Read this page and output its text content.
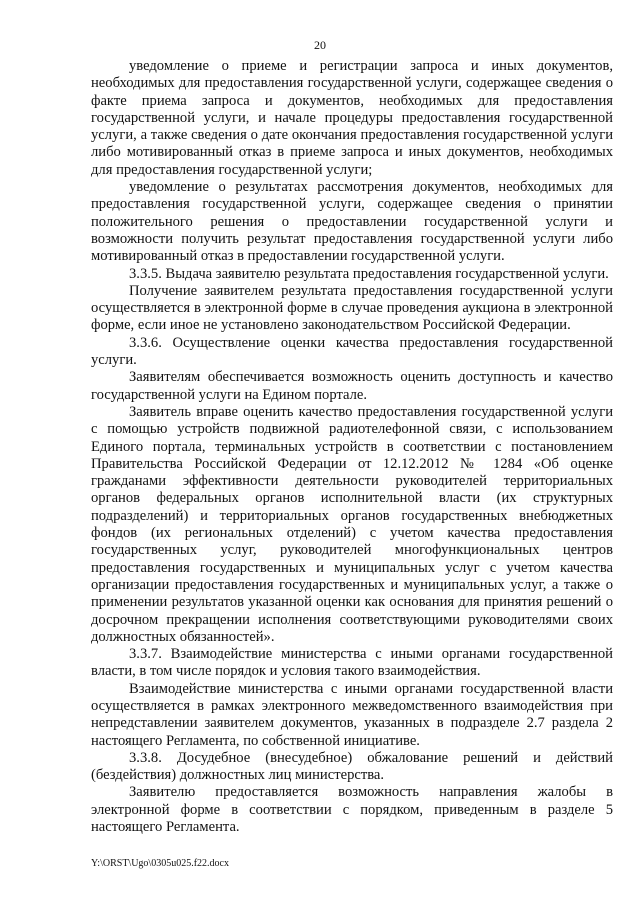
20

уведомление о приеме и регистрации запроса и иных документов, необходимых для предоставления государственной услуги, содержащее сведения о факте приема запроса и документов, необходимых для предоставления государственной услуги, и начале процедуры предоставления государственной услуги, а также сведения о дате окончания предоставления государственной услуги либо мотивированный отказ в приеме запроса и иных документов, необходимых для предоставления государственной услуги;

уведомление о результатах рассмотрения документов, необходимых для предоставления государственной услуги, содержащее сведения о принятии положительного решения о предоставлении государственной услуги и возможности получить результат предоставления государственной услуги либо мотивированный отказ в предоставлении государственной услуги.

3.3.5. Выдача заявителю результата предоставления государственной услуги.

Получение заявителем результата предоставления государственной услуги осуществляется в электронной форме в случае проведения аукциона в электронной форме, если иное не установлено законодательством Российской Федерации.

3.3.6. Осуществление оценки качества предоставления государственной услуги.

Заявителям обеспечивается возможность оценить доступность и качество государственной услуги на Едином портале.

Заявитель вправе оценить качество предоставления государственной услуги с помощью устройств подвижной радиотелефонной связи, с использованием Единого портала, терминальных устройств в соответствии с постановлением Правительства Российской Федерации от 12.12.2012 № 1284 «Об оценке гражданами эффективности деятельности руководителей территориальных органов федеральных органов исполнительной власти (их структурных подразделений) и территориальных органов государственных внебюджетных фондов (их региональных отделений) с учетом качества предоставления государственных услуг, руководителей многофункциональных центров предоставления государственных и муниципальных услуг с учетом качества организации предоставления государственных и муниципальных услуг, а также о применении результатов указанной оценки как основания для принятия решений о досрочном прекращении исполнения соответствующими руководителями своих должностных обязанностей».

3.3.7. Взаимодействие министерства с иными органами государственной власти, в том числе порядок и условия такого взаимодействия.

Взаимодействие министерства с иными органами государственной власти осуществляется в рамках электронного межведомственного взаимодействия при непредставлении заявителем документов, указанных в подразделе 2.7 раздела 2 настоящего Регламента, по собственной инициативе.

3.3.8. Досудебное (внесудебное) обжалование решений и действий (бездействия) должностных лиц министерства.

Заявителю предоставляется возможность направления жалобы в электронной форме в соответствии с порядком, приведенным в разделе 5 настоящего Регламента.

Y:\ORST\Ugo\0305u025.f22.docx
